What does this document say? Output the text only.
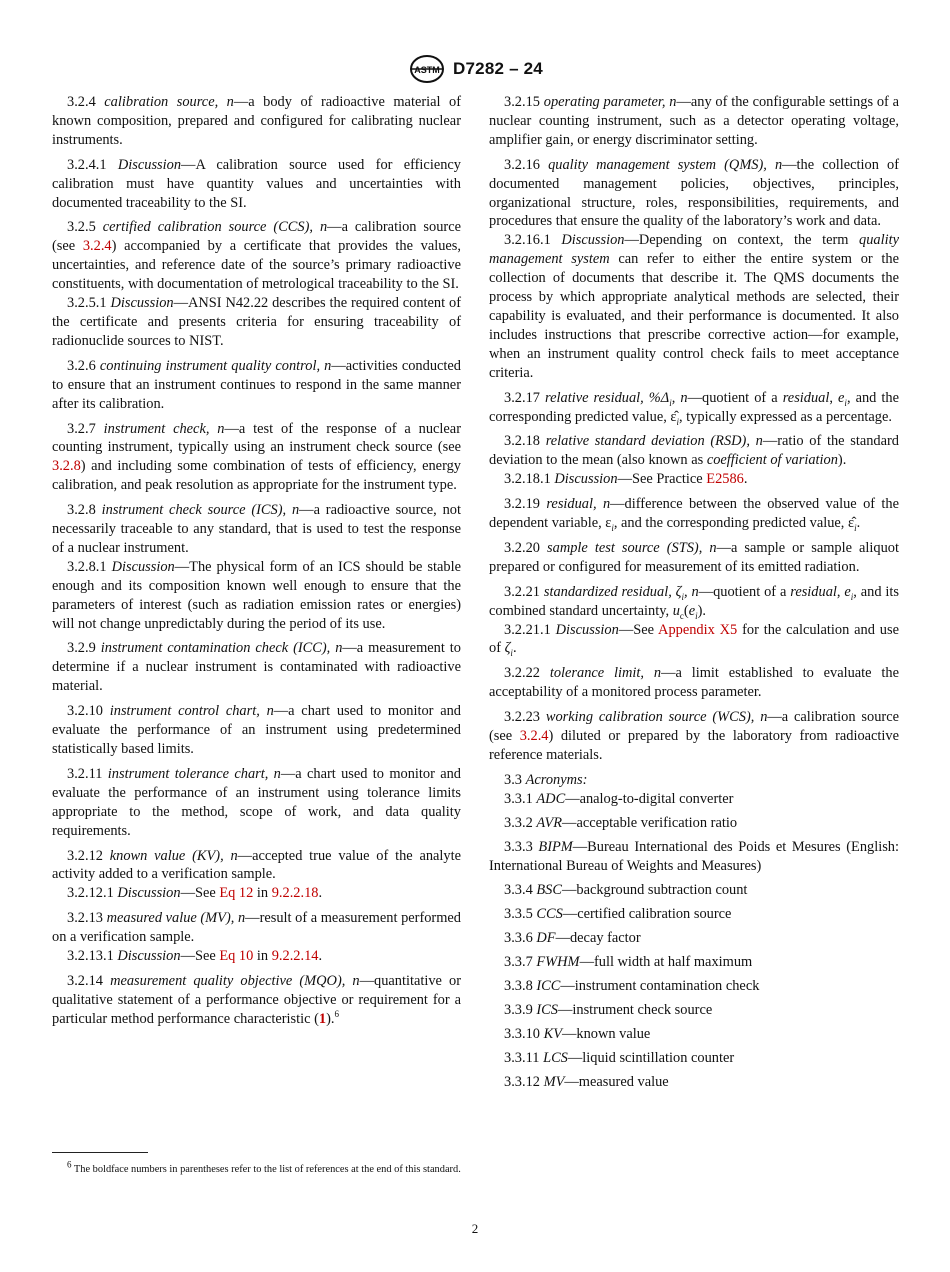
ASTM D7282 – 24

3.2.4 calibration source, n—a body of radioactive material of known composition, prepared and configured for calibrating nuclear instruments.

3.2.4.1 Discussion—A calibration source used for efficiency calibration must have quantity values and uncertainties with documented traceability to the SI.

3.2.5 certified calibration source (CCS), n—a calibration source (see 3.2.4) accompanied by a certificate that provides the values, uncertainties, and reference date of the source’s primary radioactive constituents, with documentation of metrological traceability to the SI.

3.2.5.1 Discussion—ANSI N42.22 describes the required content of the certificate and presents criteria for ensuring traceability of radionuclide sources to NIST.

3.2.6 continuing instrument quality control, n—activities conducted to ensure that an instrument continues to respond in the same manner after its calibration.

3.2.7 instrument check, n—a test of the response of a nuclear counting instrument, typically using an instrument check source (see 3.2.8) and including some combination of tests of efficiency, energy calibration, and peak resolution as appropriate for the instrument type.

3.2.8 instrument check source (ICS), n—a radioactive source, not necessarily traceable to any standard, that is used to test the response of a nuclear instrument.

3.2.8.1 Discussion—The physical form of an ICS should be stable enough and its composition known well enough to ensure that the parameters of interest (such as radiation emission rates or energies) will not change unpredictably during the period of its use.

3.2.9 instrument contamination check (ICC), n—a measurement to determine if a nuclear instrument is contaminated with radioactive material.

3.2.10 instrument control chart, n—a chart used to monitor and evaluate the performance of an instrument using predetermined statistically based limits.

3.2.11 instrument tolerance chart, n—a chart used to monitor and evaluate the performance of an instrument using tolerance limits appropriate to the method, scope of work, and data quality requirements.

3.2.12 known value (KV), n—accepted true value of the analyte activity added to a verification sample.

3.2.12.1 Discussion—See Eq 12 in 9.2.2.18.

3.2.13 measured value (MV), n—result of a measurement performed on a verification sample.

3.2.13.1 Discussion—See Eq 10 in 9.2.2.14.

3.2.14 measurement quality objective (MQO), n—quantitative or qualitative statement of a performance objective or requirement for a particular method performance characteristic (1).$^6$

3.2.15 operating parameter, n—any of the configurable settings of a nuclear counting instrument, such as a detector operating voltage, amplifier gain, or energy discriminator setting.

3.2.16 quality management system (QMS), n—the collection of documented management policies, objectives, principles, organizational structure, roles, responsibilities, requirements, and procedures that ensure the quality of the laboratory’s work and data.

3.2.16.1 Discussion—Depending on context, the term quality management system can refer to either the entire system or the collection of documents that describe it. The QMS documents the process by which appropriate analytical methods are selected, their capability is evaluated, and their performance is documented. It also includes instructions that prescribe corrective action—for example, when an instrument quality control check fails to meet acceptance criteria.

3.2.17 relative residual, $\%\Delta_i$, n—quotient of a residual, $e_i$, and the corresponding predicted value, $\varepsilon̂_i$, typically expressed as a percentage.

3.2.18 relative standard deviation (RSD), n—ratio of the standard deviation to the mean (also known as coefficient of variation).

3.2.18.1 Discussion—See Practice E2586.

3.2.19 residual, n—difference between the observed value of the dependent variable, $\varepsilon_i$, and the corresponding predicted value, $\varepsilon̂_i$.

3.2.20 sample test source (STS), n—a sample or sample aliquot prepared or configured for measurement of its emitted radiation.

3.2.21 standardized residual, $\zeta_i$, n—quotient of a residual, $e_i$, and its combined standard uncertainty, $u_c(e_i)$.

3.2.21.1 Discussion—See Appendix X5 for the calculation and use of $\zeta_i$.

3.2.22 tolerance limit, n—a limit established to evaluate the acceptability of a monitored process parameter.

3.2.23 working calibration source (WCS), n—a calibration source (see 3.2.4) diluted or prepared by the laboratory from radioactive reference materials.

3.3 Acronyms:

3.3.1 ADC—analog-to-digital converter

3.3.2 AVR—acceptable verification ratio

3.3.3 BIPM—Bureau International des Poids et Mesures (English: International Bureau of Weights and Measures)

3.3.4 BSC—background subtraction count

3.3.5 CCS—certified calibration source

3.3.6 DF—decay factor

3.3.7 FWHM—full width at half maximum

3.3.8 ICC—instrument contamination check

3.3.9 ICS—instrument check source

3.3.10 KV—known value

3.3.11 LCS—liquid scintillation counter

3.3.12 MV—measured value

$^6$ The boldface numbers in parentheses refer to the list of references at the end of this standard.
2
